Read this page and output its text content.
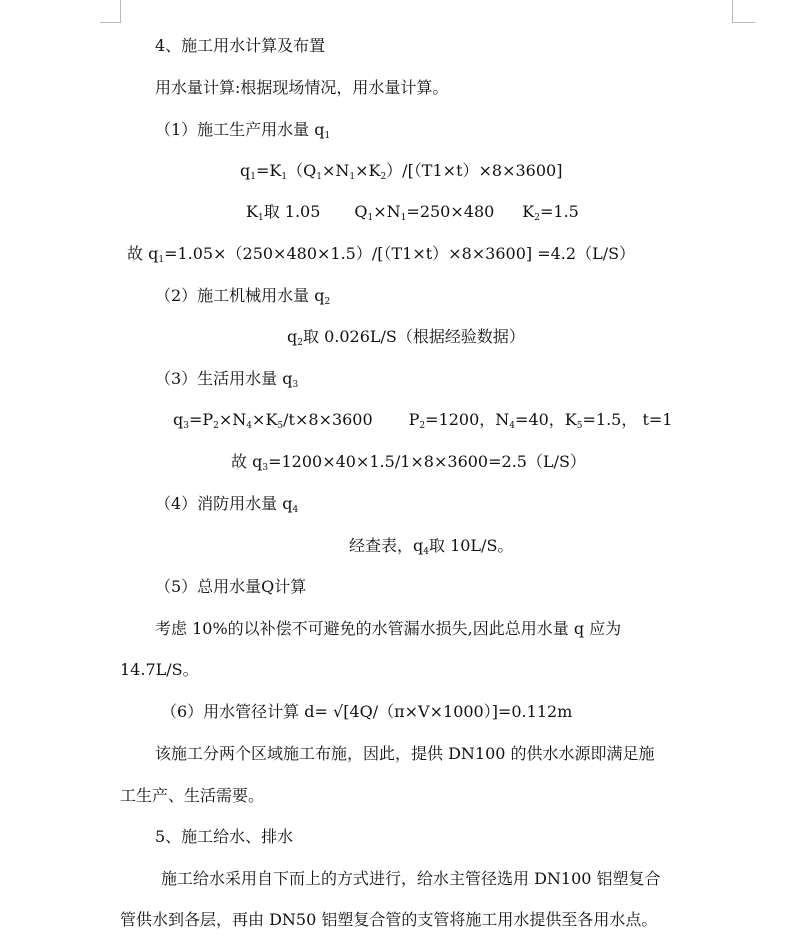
4、施工用水计算及布置
用水量计算:根据现场情况，用水量计算。
（1）施工生产用水量 $q_1$
$q_1=K_1(Q_1\times N_1\times K_2)/[(T1\times t)\times 8\times 3600]$
$K_1$取 1.05 $Q_1\times N_1=250\times 480$ $K_2=1.5$
故 $q_1=1.05\times(250\times 480\times 1.5)/[(T1\times t)\times 8\times 3600] =4.2(L/S)$
（2）施工机械用水量 $q_2$
$q_2$取 0.026L/S（根据经验数据）
（3）生活用水量 $q_3$
$q_3=P_2\times N_4\times K_5/t\times 8\times 3600$ $P_2=1200$，$N_4=40$，$K_5=1.5$， t=1
故 $q_3=1200\times 40\times 1.5/1\times 8\times 3600=2.5(L/S)$
（4）消防用水量 $q_4$
经查表，$q_4$取 10L/S。
（5）总用水量Q计算
考虑 10%的以补偿不可避免的水管漏水损失,因此总用水量 q 应为
14.7L/S。
（6）用水管径计算 d= √[4Q/（π×V×1000）]=0.112m
该施工分两个区域施工布施，因此，提供 DN100 的供水水源即满足施
工生产、生活需要。
5、施工给水、排水
施工给水采用自下而上的方式进行，给水主管径选用 DN100 铝塑复合
管供水到各层，再由 DN50 铝塑复合管的支管将施工用水提供至各用水点。
